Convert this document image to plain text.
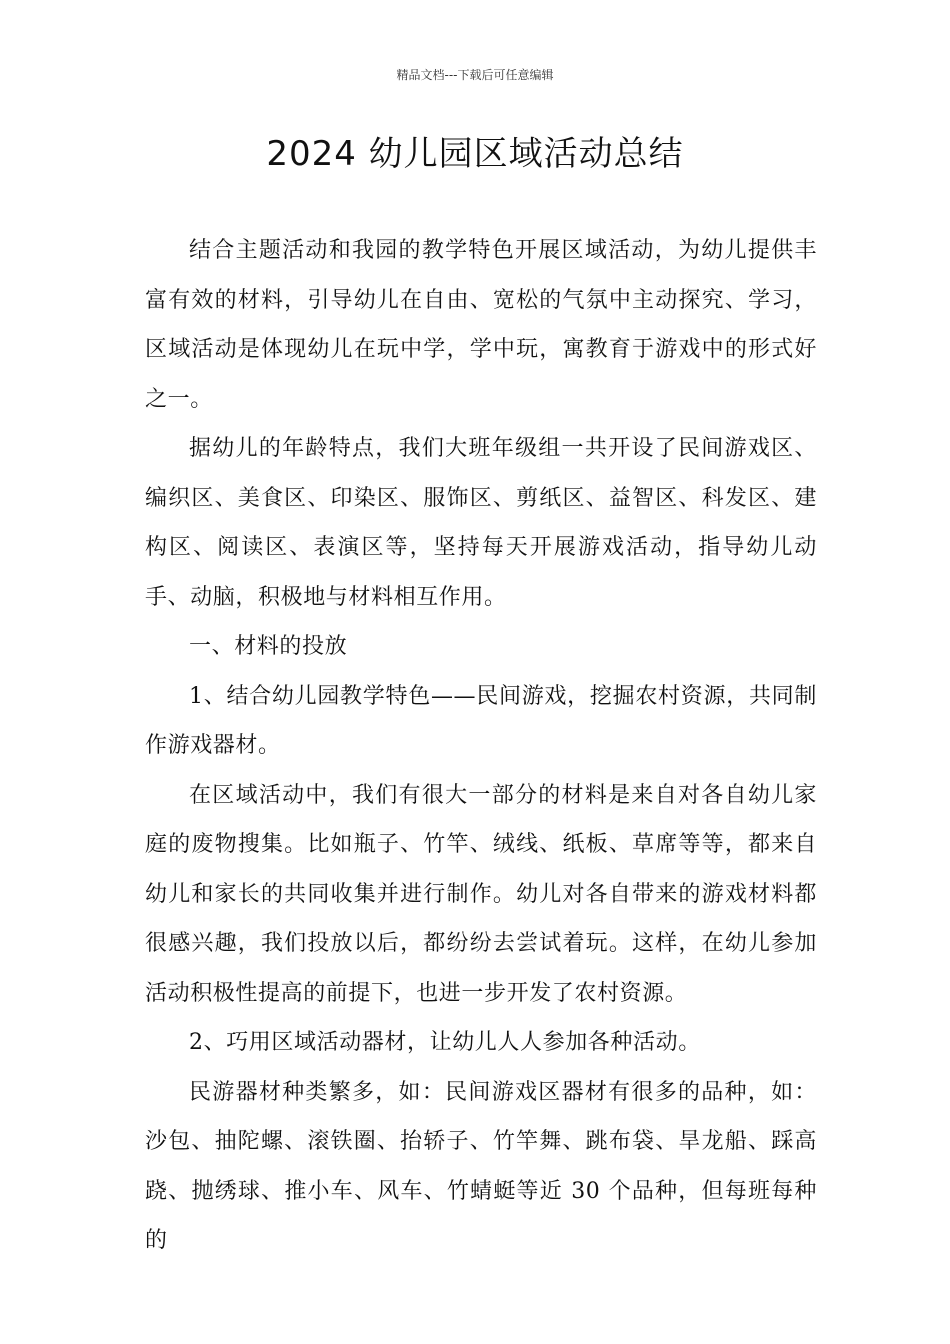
精品文档---下载后可任意编辑
2024 幼儿园区域活动总结

结合主题活动和我园的教学特色开展区域活动，为幼儿提供丰富有效的材料，引导幼儿在自由、宽松的气氛中主动探究、学习，区域活动是体现幼儿在玩中学，学中玩，寓教育于游戏中的形式好之一。

据幼儿的年龄特点，我们大班年级组一共开设了民间游戏区、编织区、美食区、印染区、服饰区、剪纸区、益智区、科发区、建构区、阅读区、表演区等，坚持每天开展游戏活动，指导幼儿动手、动脑，积极地与材料相互作用。

一、材料的投放

1、结合幼儿园教学特色——民间游戏，挖掘农村资源，共同制作游戏器材。

在区域活动中，我们有很大一部分的材料是来自对各自幼儿家庭的废物搜集。比如瓶子、竹竿、绒线、纸板、草席等等，都来自幼儿和家长的共同收集并进行制作。幼儿对各自带来的游戏材料都很感兴趣，我们投放以后，都纷纷去尝试着玩。这样，在幼儿参加活动积极性提高的前提下，也进一步开发了农村资源。

2、巧用区域活动器材，让幼儿人人参加各种活动。

民游器材种类繁多，如：民间游戏区器材有很多的品种，如：沙包、抽陀螺、滚铁圈、抬轿子、竹竿舞、跳布袋、旱龙船、踩高跷、抛绣球、推小车、风车、竹蜻蜓等近 30 个品种，但每班每种的
